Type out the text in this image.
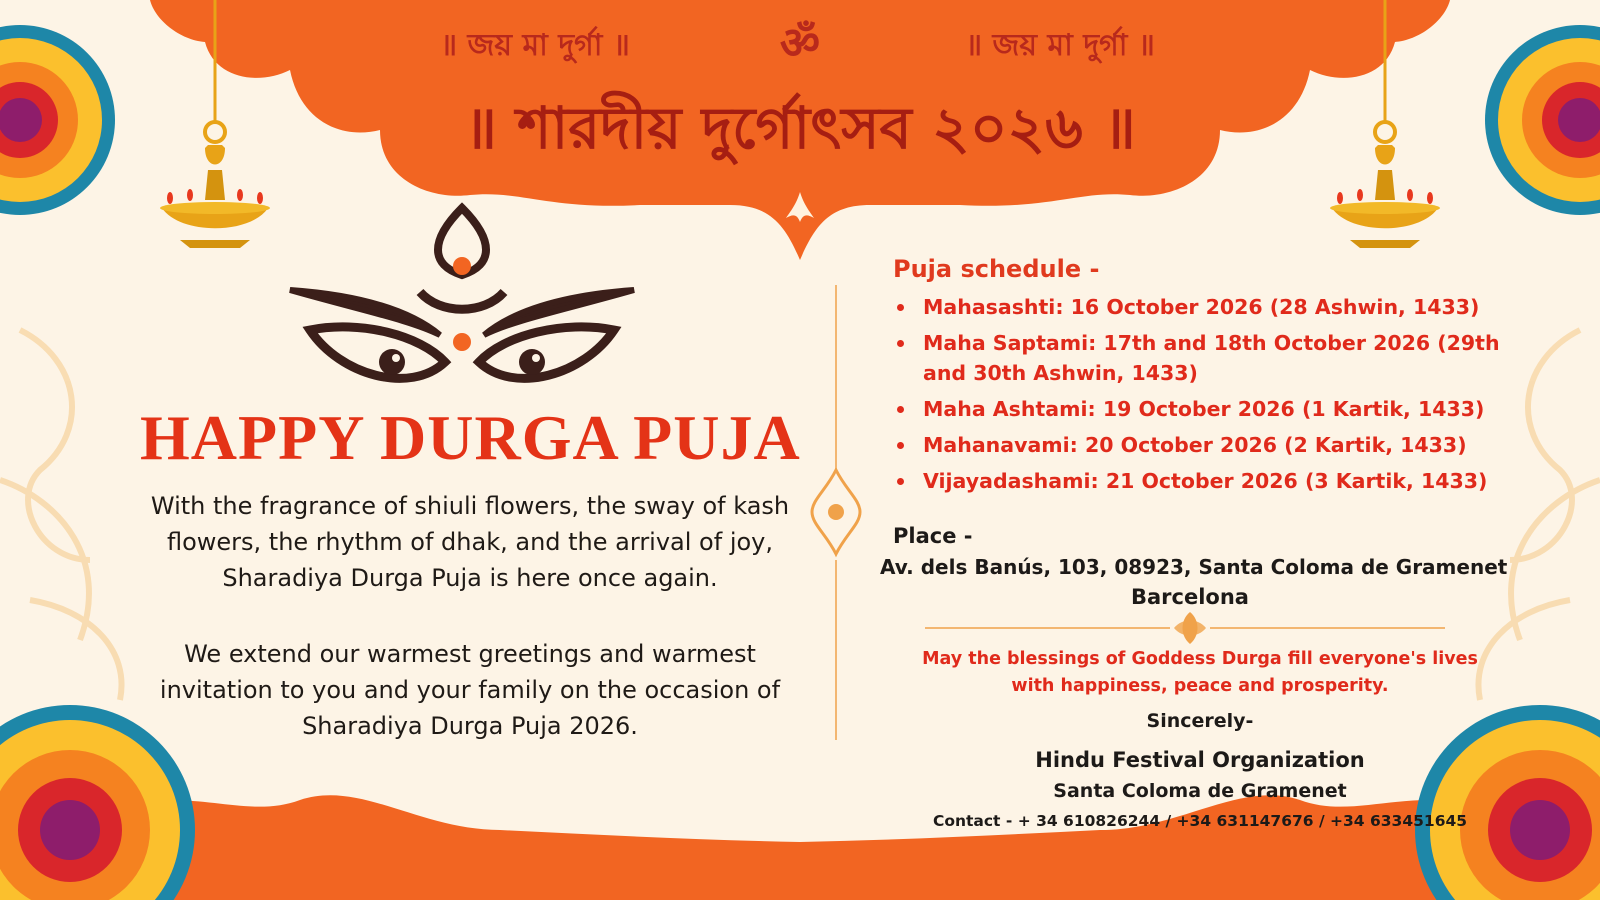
॥ জয় মা দুর্গা ॥	ॐ	॥ জয় মা দুর্গা ॥
॥ শারদীয় দুর্গোৎসব ২০২৬ ॥
HAPPY DURGA PUJA
With the fragrance of shiuli flowers, the sway of kash flowers, the rhythm of dhak, and the arrival of joy, Sharadiya Durga Puja is here once again.
We extend our warmest greetings and warmest invitation to you and your family on the occasion of Sharadiya Durga Puja 2026.
Puja schedule -
Mahasashti: 16 October 2026 (28 Ashwin, 1433)
Maha Saptami: 17th and 18th October 2026 (29th and 30th Ashwin, 1433)
Maha Ashtami: 19 October 2026 (1 Kartik, 1433)
Mahanavami: 20 October 2026 (2 Kartik, 1433)
Vijayadashami: 21 October 2026 (3 Kartik, 1433)
Place -
Av. dels Banús, 103, 08923, Santa Coloma de Gramenet
Barcelona
May the blessings of Goddess Durga fill everyone's lives with happiness, peace and prosperity.
Sincerely-
Hindu Festival Organization
Santa Coloma de Gramenet
Contact - + 34 610826244 / +34 631147676 / +34 633451645
